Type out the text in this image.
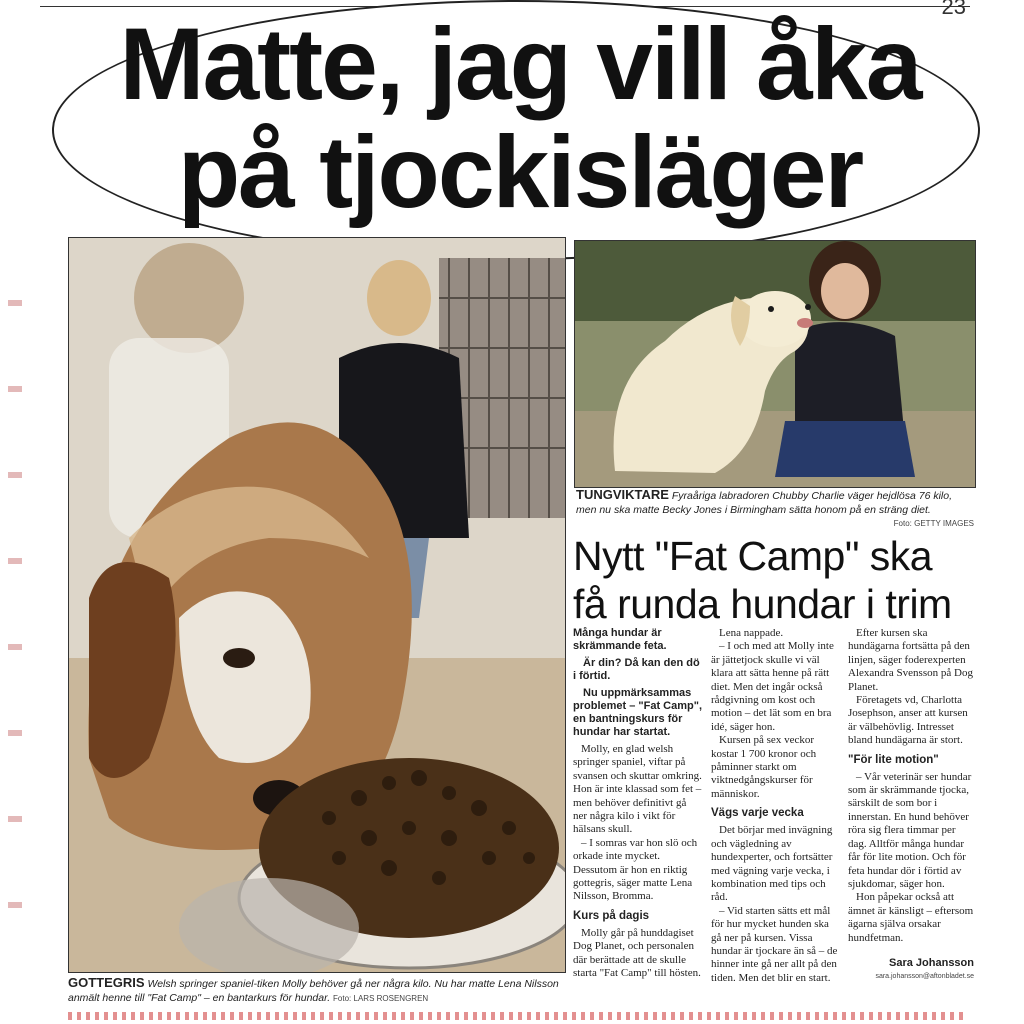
23
Matte, jag vill åka
på tjockisläger
GOTTEGRIS Welsh springer spaniel-tiken Molly behöver gå ner några kilo. Nu har matte Lena Nilsson anmält henne till "Fat Camp" – en bantarkurs för hundar. Foto: LARS ROSENGREN
TUNGVIKTARE Fyraåriga labradoren Chubby Charlie väger hejdlösa 76 kilo, men nu ska matte Becky Jones i Birmingham sätta honom på en sträng diet.
Foto: GETTY IMAGES
Nytt "Fat Camp" ska
få runda hundar i trim

Många hundar är skrämmande feta.

Är din? Då kan den dö i förtid.

Nu uppmärksammas problemet – "Fat Camp", en bantningskurs för hundar har startat.

Molly, en glad welsh springer spaniel, viftar på svansen och skuttar omkring. Hon är inte klassad som fet – men behöver definitivt gå ner några kilo i vikt för hälsans skull.

– I somras var hon slö och orkade inte mycket. Dessutom är hon en riktig gottegris, säger matte Lena Nilsson, Bromma.

Kurs på dagis

Molly går på hunddagiset Dog Planet, och personalen där berättade att de skulle starta "Fat Camp" till hösten.

Lena nappade.

– I och med att Molly inte är jättetjock skulle vi väl klara att sätta henne på rätt diet. Men det ingår också rådgivning om kost och motion – det lät som en bra idé, säger hon.

Kursen på sex veckor kostar 1 700 kronor och påminner starkt om viktnedgångskurser för människor.

Vägs varje vecka

Det börjar med invägning och vägledning av hundexperter, och fortsätter med vägning varje vecka, i kombination med tips och råd.

– Vid starten sätts ett mål för hur mycket hunden ska gå ner på kursen. Vissa hundar är tjockare än så – de hinner inte gå ner allt på den tiden. Men det blir en start.

Efter kursen ska hundägarna fortsätta på den linjen, säger foderexperten Alexandra Svensson på Dog Planet.

Företagets vd, Charlotta Josephson, anser att kursen är välbehövlig. Intresset bland hundägarna är stort.

"För lite motion"

– Vår veterinär ser hundar som är skrämmande tjocka, särskilt de som bor i innerstan. En hund behöver röra sig flera timmar per dag. Alltför många hundar får för lite motion. Och för feta hundar dör i förtid av sjukdomar, säger hon.

Hon påpekar också att ämnet är känsligt – eftersom ägarna själva orsakar hundfetman.

Sara Johansson
sara.johansson@aftonbladet.se
